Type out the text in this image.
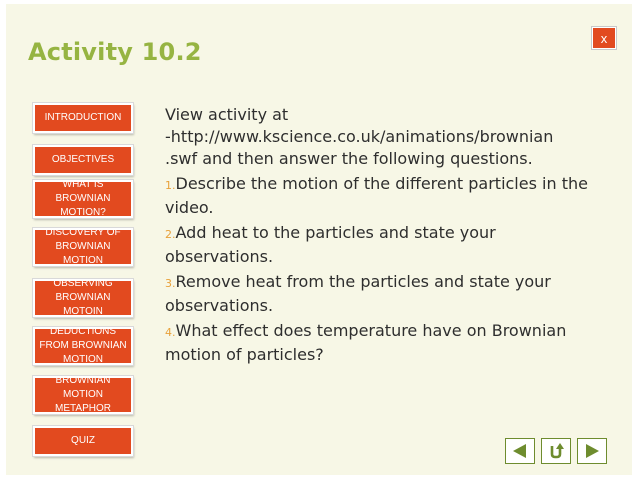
Activity 10.2	x
INTRODUCTION
OBJECTIVES
WHAT IS BROWNIAN MOTION?
DISCOVERY OF BROWNIAN MOTION
OBSERVING BROWNIAN MOTOIN
DEDUCTIONS FROM BROWNIAN MOTION
BROWNIAN MOTION METAPHOR
QUIZ

View activity at
-http://www.kscience.co.uk/animations/brownian
.swf and then answer the following questions.

1.Describe the motion of the different particles in the video.

2.Add heat to the particles and state your observations.

3.Remove heat from the particles and state your observations.

4.What effect does temperature have on Brownian motion of particles?
